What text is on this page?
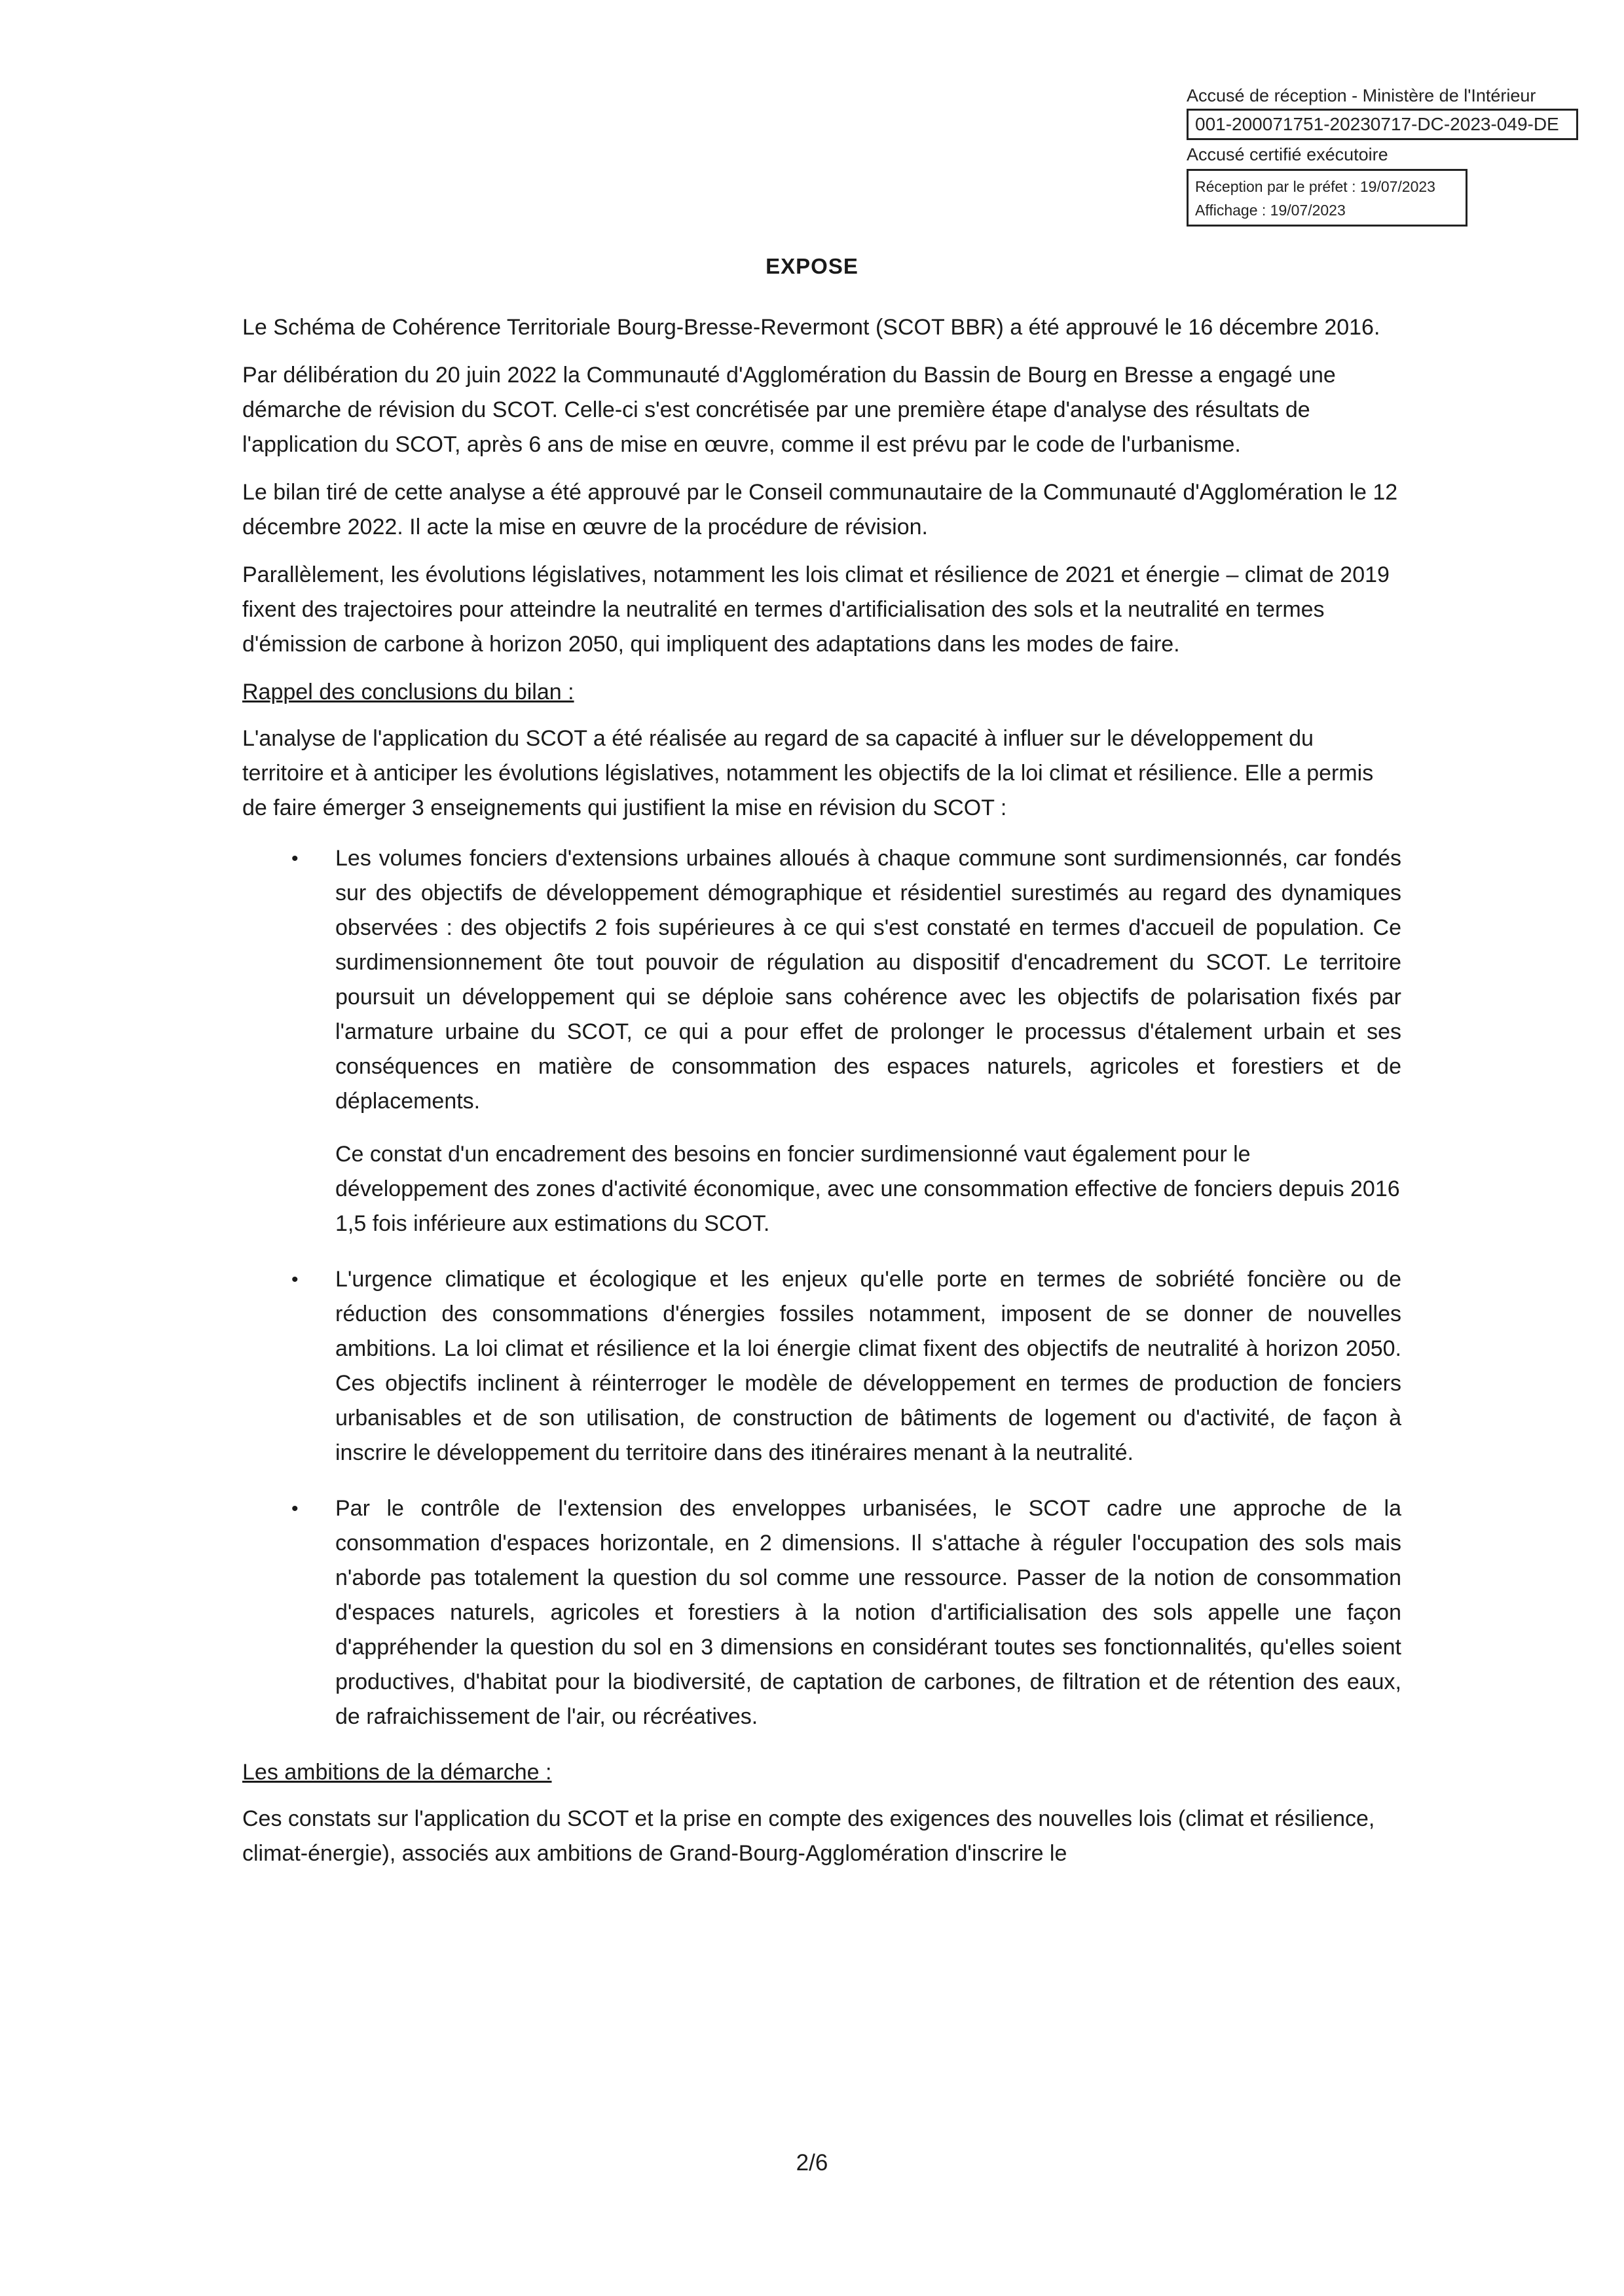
Accusé de réception - Ministère de l'Intérieur
001-200071751-20230717-DC-2023-049-DE
Accusé certifié exécutoire
Réception par le préfet : 19/07/2023
Affichage : 19/07/2023
EXPOSE

Le Schéma de Cohérence Territoriale Bourg-Bresse-Revermont (SCOT BBR) a été approuvé le 16 décembre 2016.

Par délibération du 20 juin 2022 la Communauté d'Agglomération du Bassin de Bourg en Bresse a engagé une démarche de révision du SCOT. Celle-ci s'est concrétisée par une première étape d'analyse des résultats de l'application du SCOT, après 6 ans de mise en œuvre, comme il est prévu par le code de l'urbanisme.

Le bilan tiré de cette analyse a été approuvé par le Conseil communautaire de la Communauté d'Agglomération le 12 décembre 2022. Il acte la mise en œuvre de la procédure de révision.

Parallèlement, les évolutions législatives, notamment les lois climat et résilience de 2021 et énergie – climat de 2019 fixent des trajectoires pour atteindre la neutralité en termes d'artificialisation des sols et la neutralité en termes d'émission de carbone à horizon 2050, qui impliquent des adaptations dans les modes de faire.

Rappel des conclusions du bilan :

L'analyse de l'application du SCOT a été réalisée au regard de sa capacité à influer sur le développement du territoire et à anticiper les évolutions législatives, notamment les objectifs de la loi climat et résilience. Elle a permis de faire émerger 3 enseignements qui justifient la mise en révision du SCOT :

• Les volumes fonciers d'extensions urbaines alloués à chaque commune sont surdimensionnés, car fondés sur des objectifs de développement démographique et résidentiel surestimés au regard des dynamiques observées : des objectifs 2 fois supérieures à ce qui s'est constaté en termes d'accueil de population. Ce surdimensionnement ôte tout pouvoir de régulation au dispositif d'encadrement du SCOT. Le territoire poursuit un développement qui se déploie sans cohérence avec les objectifs de polarisation fixés par l'armature urbaine du SCOT, ce qui a pour effet de prolonger le processus d'étalement urbain et ses conséquences en matière de consommation des espaces naturels, agricoles et forestiers et de déplacements.

Ce constat d'un encadrement des besoins en foncier surdimensionné vaut également pour le développement des zones d'activité économique, avec une consommation effective de fonciers depuis 2016 1,5 fois inférieure aux estimations du SCOT.

• L'urgence climatique et écologique et les enjeux qu'elle porte en termes de sobriété foncière ou de réduction des consommations d'énergies fossiles notamment, imposent de se donner de nouvelles ambitions. La loi climat et résilience et la loi énergie climat fixent des objectifs de neutralité à horizon 2050. Ces objectifs inclinent à réinterroger le modèle de développement en termes de production de fonciers urbanisables et de son utilisation, de construction de bâtiments de logement ou d'activité, de façon à inscrire le développement du territoire dans des itinéraires menant à la neutralité.

• Par le contrôle de l'extension des enveloppes urbanisées, le SCOT cadre une approche de la consommation d'espaces horizontale, en 2 dimensions. Il s'attache à réguler l'occupation des sols mais n'aborde pas totalement la question du sol comme une ressource. Passer de la notion de consommation d'espaces naturels, agricoles et forestiers à la notion d'artificialisation des sols appelle une façon d'appréhender la question du sol en 3 dimensions en considérant toutes ses fonctionnalités, qu'elles soient productives, d'habitat pour la biodiversité, de captation de carbones, de filtration et de rétention des eaux, de rafraichissement de l'air, ou récréatives.

Les ambitions de la démarche :

Ces constats sur l'application du SCOT et la prise en compte des exigences des nouvelles lois (climat et résilience, climat-énergie), associés aux ambitions de Grand-Bourg-Agglomération d'inscrire le

2/6
